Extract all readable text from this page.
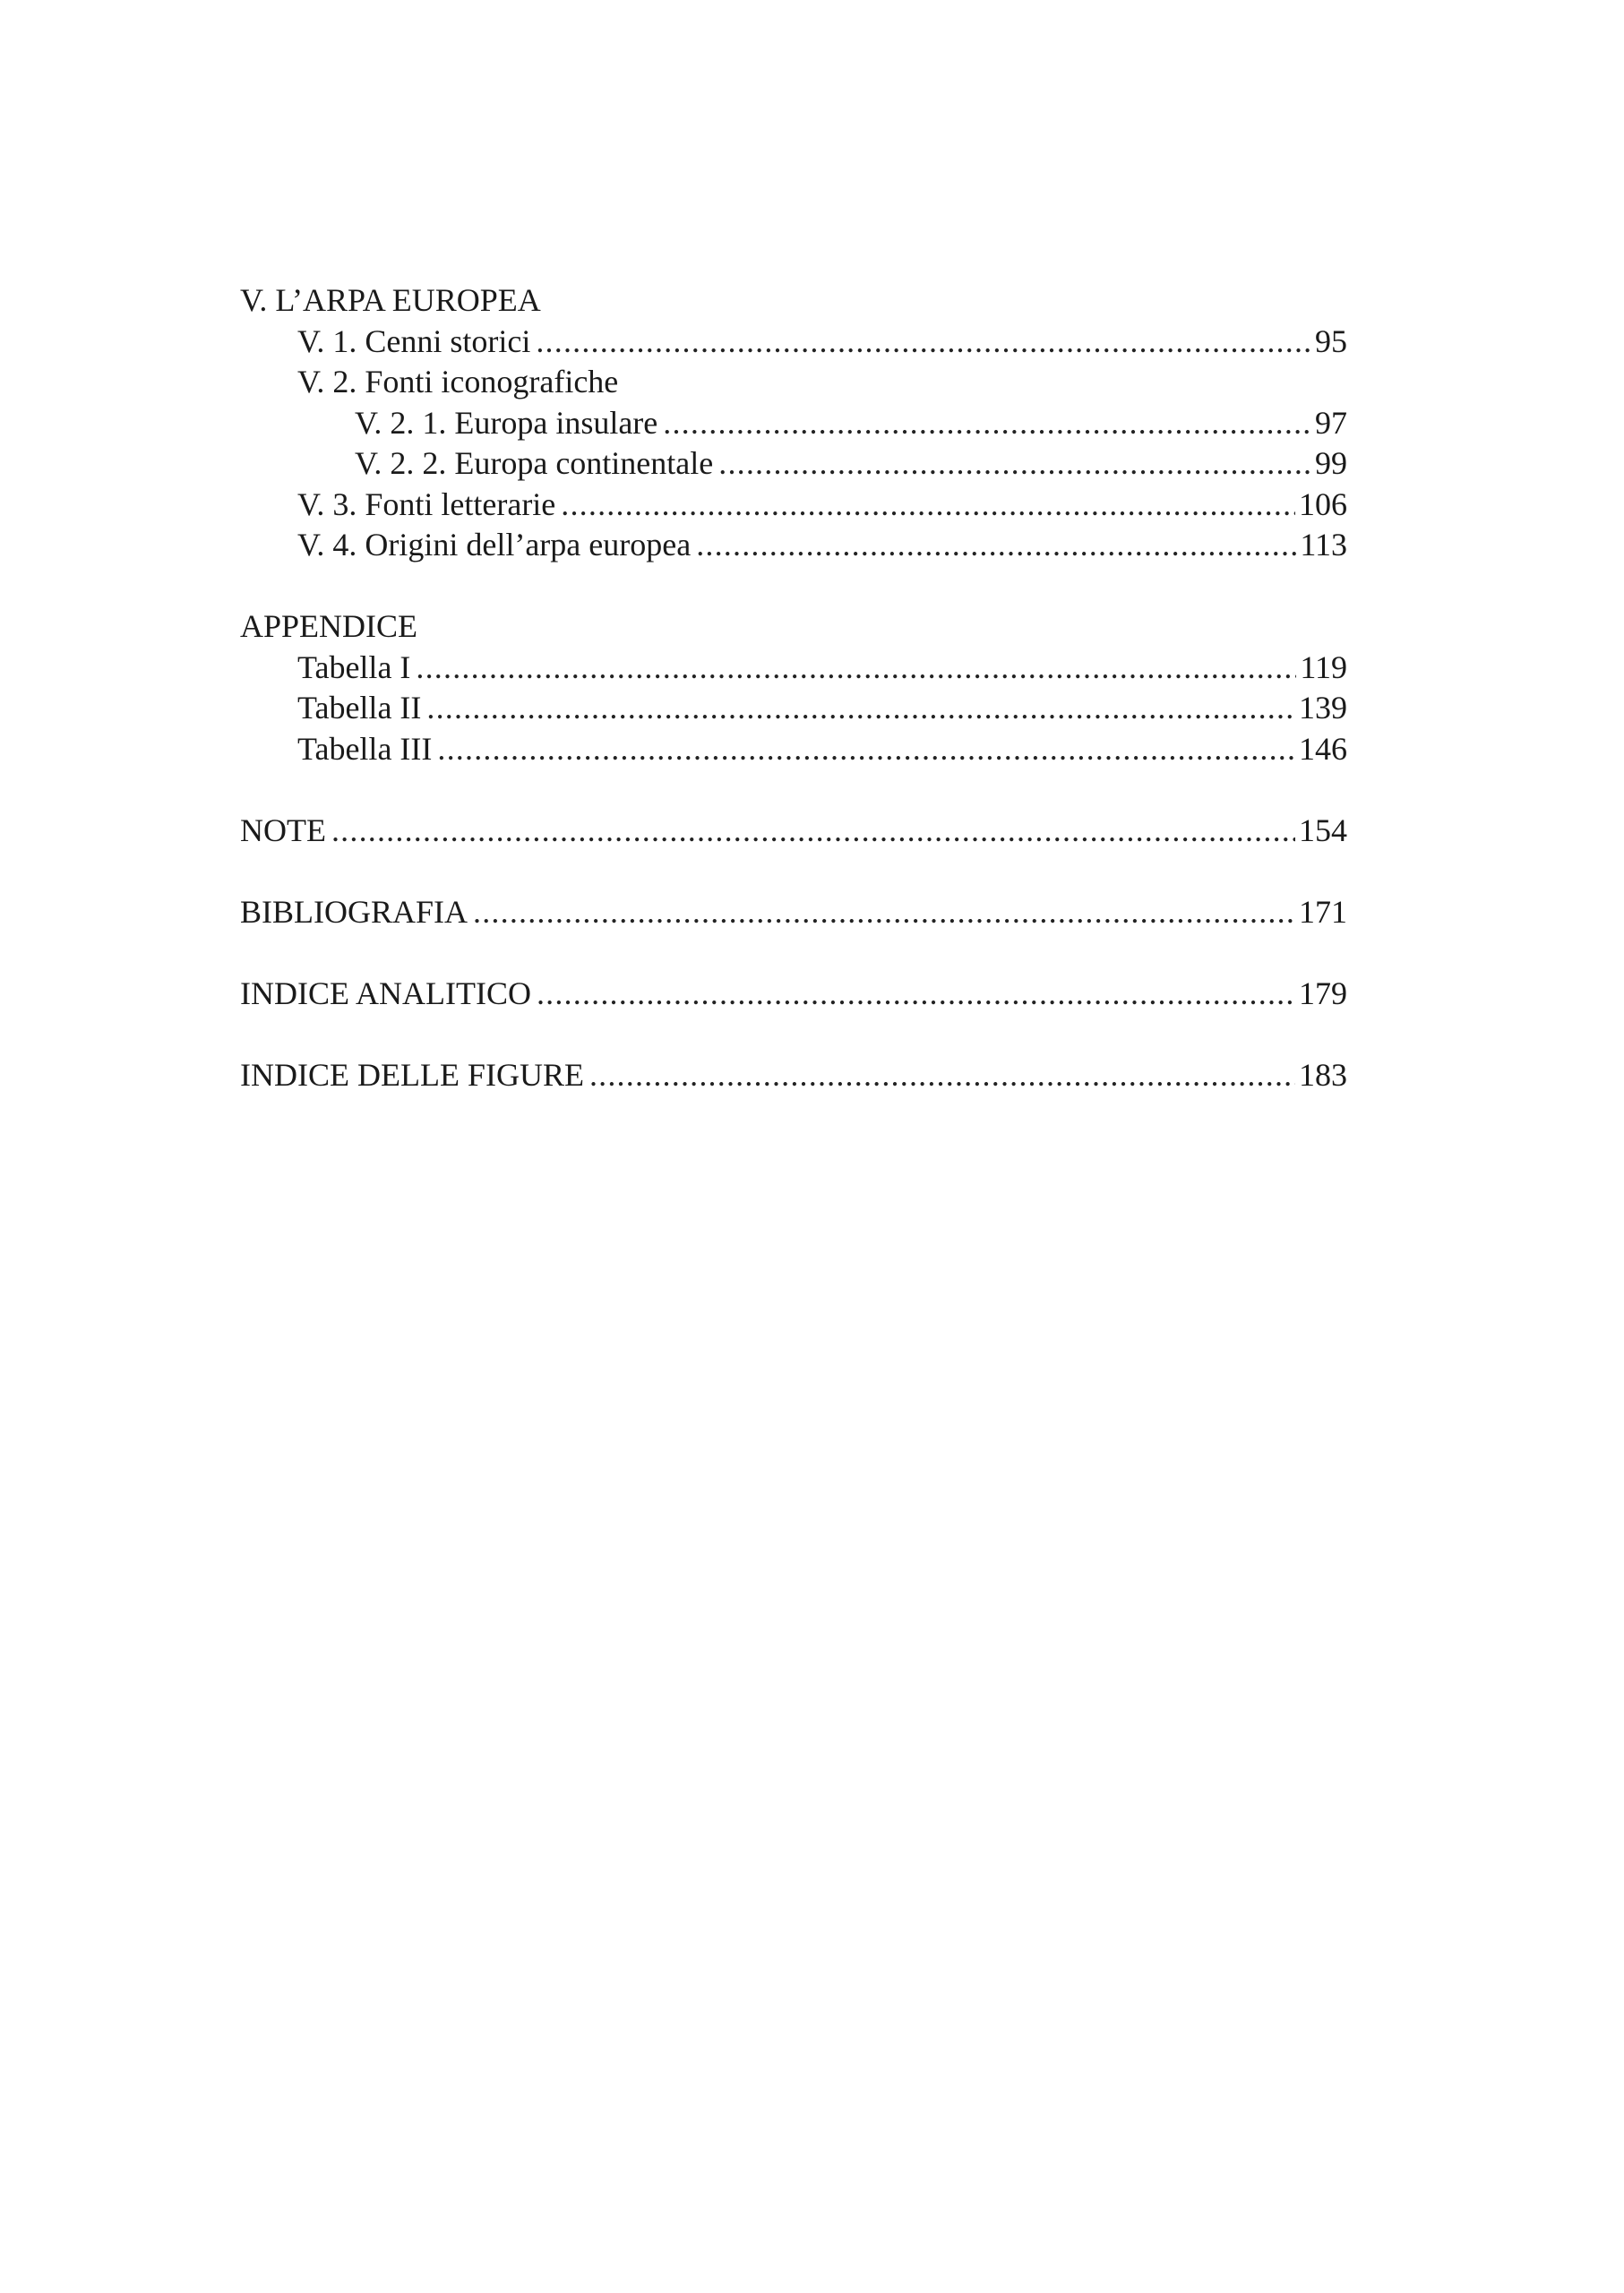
V. L’ARPA EUROPEA
V. 1. Cenni storici .....	95
V. 2. Fonti iconografiche
V. 2. 1. Europa insulare .....	97
V. 2. 2. Europa continentale .....	99
V. 3. Fonti letterarie .....	106
V. 4. Origini dell’arpa europea .....	113
APPENDICE
Tabella I .....	119
Tabella II .....	139
Tabella III .....	146
NOTE .....	154
BIBLIOGRAFIA .....	171
INDICE ANALITICO .....	179
INDICE DELLE FIGURE .....	183
